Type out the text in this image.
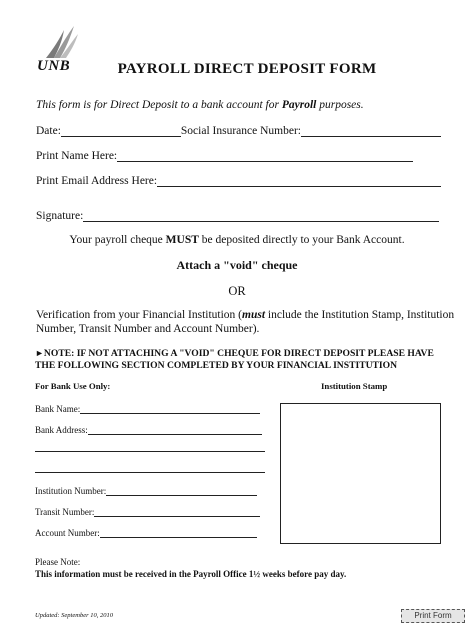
UNB	PAYROLL DIRECT DEPOSIT FORM
This form is for Direct Deposit to a bank account for Payroll purposes.
Date:	Social Insurance Number:
Print Name Here:
Print Email Address Here:
Signature:
Your payroll cheque MUST be deposited directly to your Bank Account.
Attach a "void" cheque
OR
Verification from your Financial Institution (must include the Institution Stamp, Institution
Number, Transit Number and Account Number).
►NOTE: IF NOT ATTACHING A "VOID" CHEQUE FOR DIRECT DEPOSIT PLEASE HAVE
THE FOLLOWING SECTION COMPLETED BY YOUR FINANCIAL INSTITUTION
For Bank Use Only:	Institution Stamp
Bank Name:
Bank Address:
Institution Number:
Transit Number:
Account Number:
Please Note:
This information must be received in the Payroll Office 1½ weeks before pay day.
Updated: September 10, 2010	Print Form
